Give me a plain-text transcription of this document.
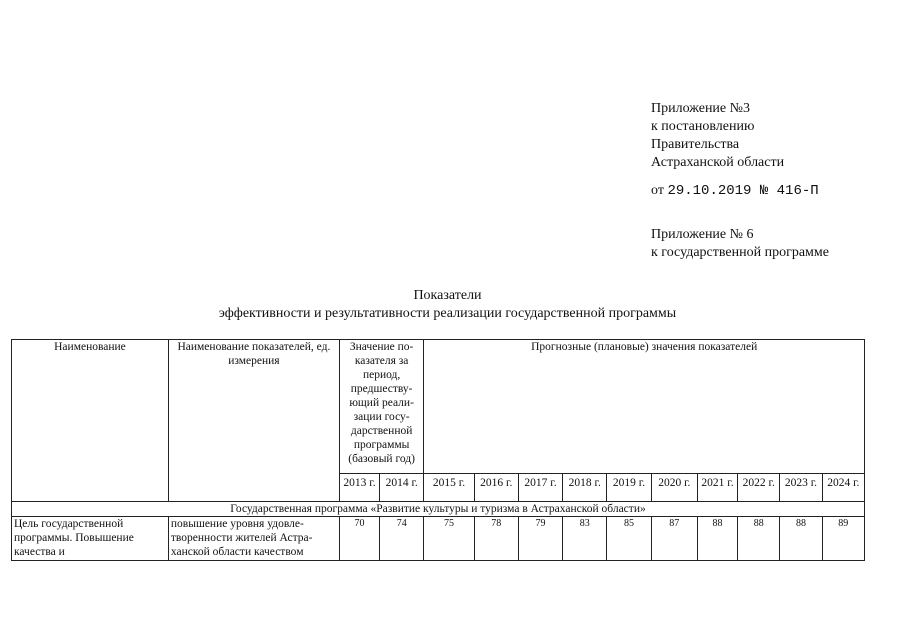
Приложение №3
к постановлению
Правительства
Астраханской области
от 29.10.2019 № 416-П
Приложение № 6
к государственной программе
Показатели
эффективности и результативности реализации государственной программы
Наименование	Наименование показателей, ед. измерения	Значение по-казателя за период, предшеству-ющий реали-зации госу-дарственной программы (базовый год)		Прогнозные (плановые) значения показателей									
		2013 г.	2014 г.	2015 г.	2016 г.	2017 г.	2018 г.	2019 г.	2020 г.	2021 г.	2022 г.	2023 г.	2024 г.
Государственная программа «Развитие культуры и туризма в Астраханской области»													
Цель государственной программы. Повышение качества и	повышение уровня удовле-творенности жителей Астра-ханской области качеством	70	74	75	78	79	83	85	87	88	88	88	89
